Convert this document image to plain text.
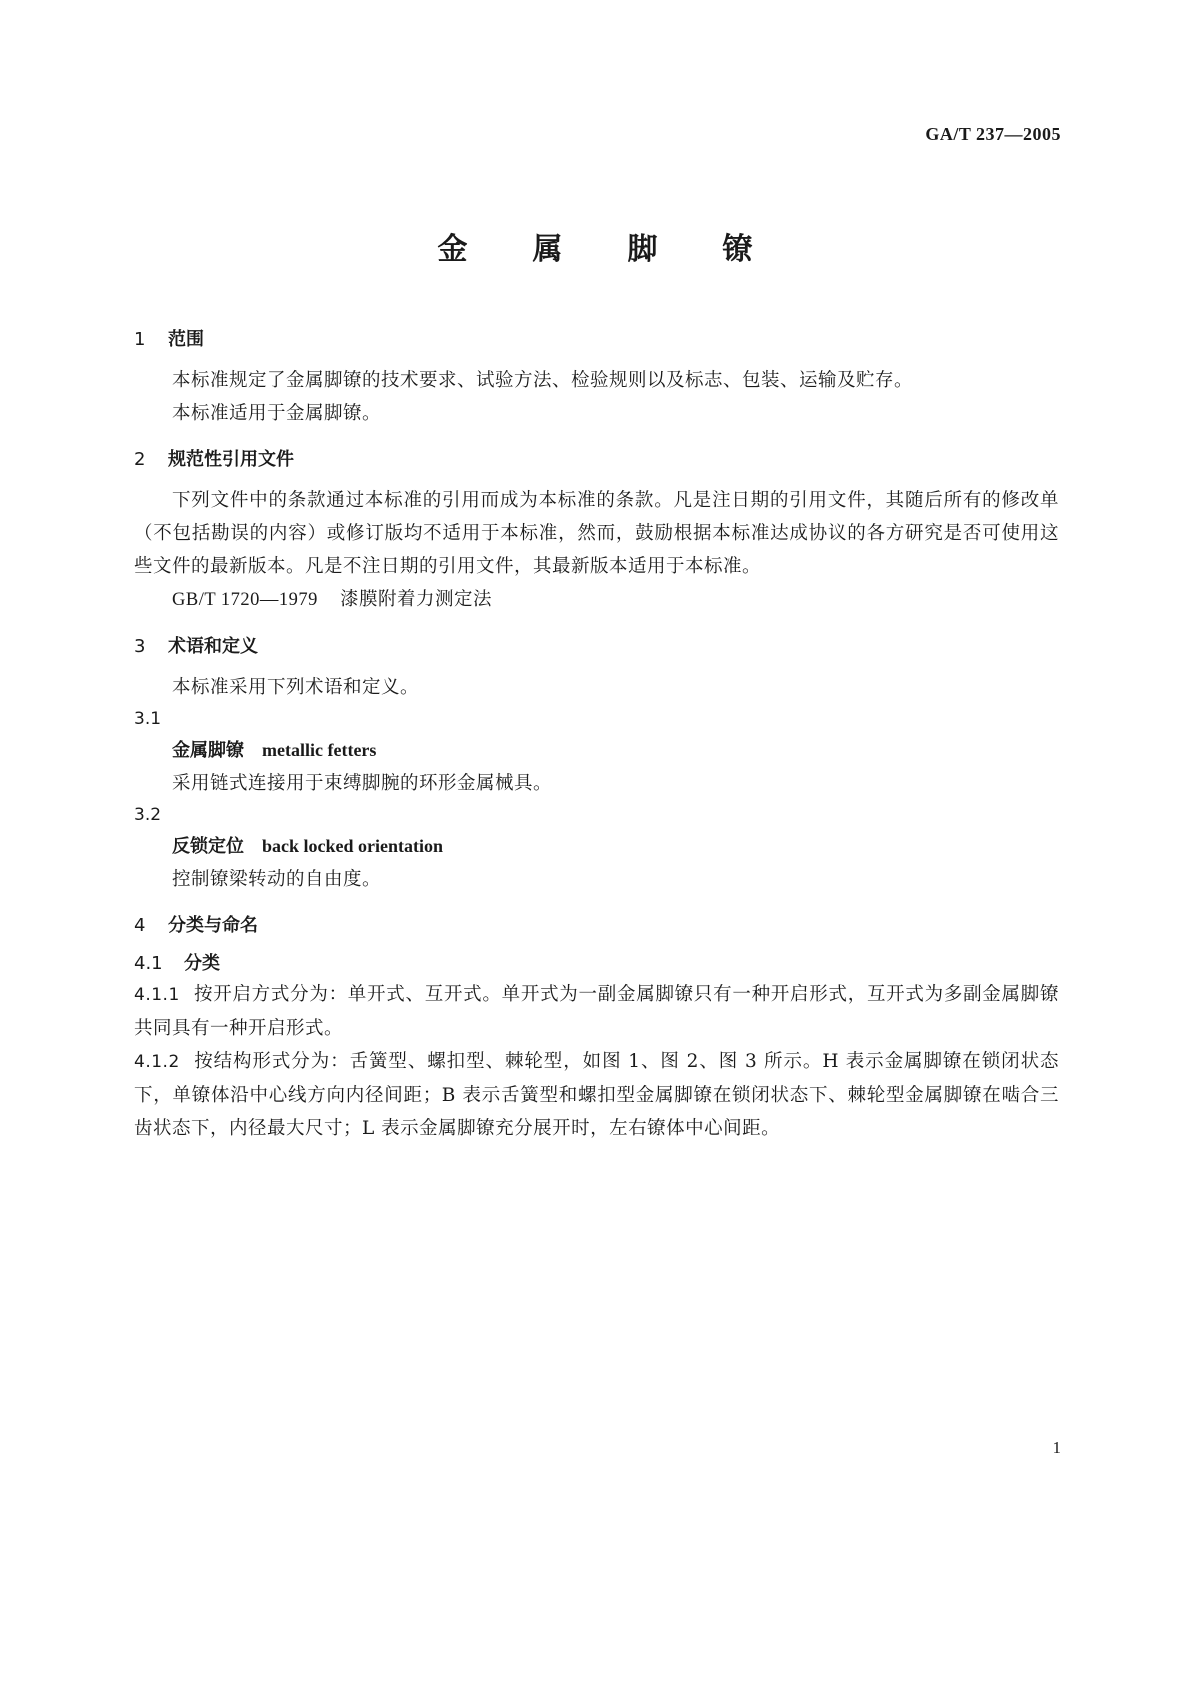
GA/T 237—2005
金 属 脚 镣

1 范围

本标准规定了金属脚镣的技术要求、试验方法、检验规则以及标志、包装、运输及贮存。

本标准适用于金属脚镣。

2 规范性引用文件

下列文件中的条款通过本标准的引用而成为本标准的条款。凡是注日期的引用文件，其随后所有的修改单（不包括勘误的内容）或修订版均不适用于本标准，然而，鼓励根据本标准达成协议的各方研究是否可使用这些文件的最新版本。凡是不注日期的引用文件，其最新版本适用于本标准。

GB/T 1720—1979 漆膜附着力测定法

3 术语和定义

本标准采用下列术语和定义。

3.1

金属脚镣 metallic fetters

采用链式连接用于束缚脚腕的环形金属械具。

3.2

反锁定位 back locked orientation

控制镣梁转动的自由度。

4 分类与命名

4.1 分类

4.1.1 按开启方式分为：单开式、互开式。单开式为一副金属脚镣只有一种开启形式，互开式为多副金属脚镣共同具有一种开启形式。

4.1.2 按结构形式分为：舌簧型、螺扣型、棘轮型，如图 1、图 2、图 3 所示。H 表示金属脚镣在锁闭状态下，单镣体沿中心线方向内径间距；B 表示舌簧型和螺扣型金属脚镣在锁闭状态下、棘轮型金属脚镣在啮合三齿状态下，内径最大尺寸；L 表示金属脚镣充分展开时，左右镣体中心间距。

1
